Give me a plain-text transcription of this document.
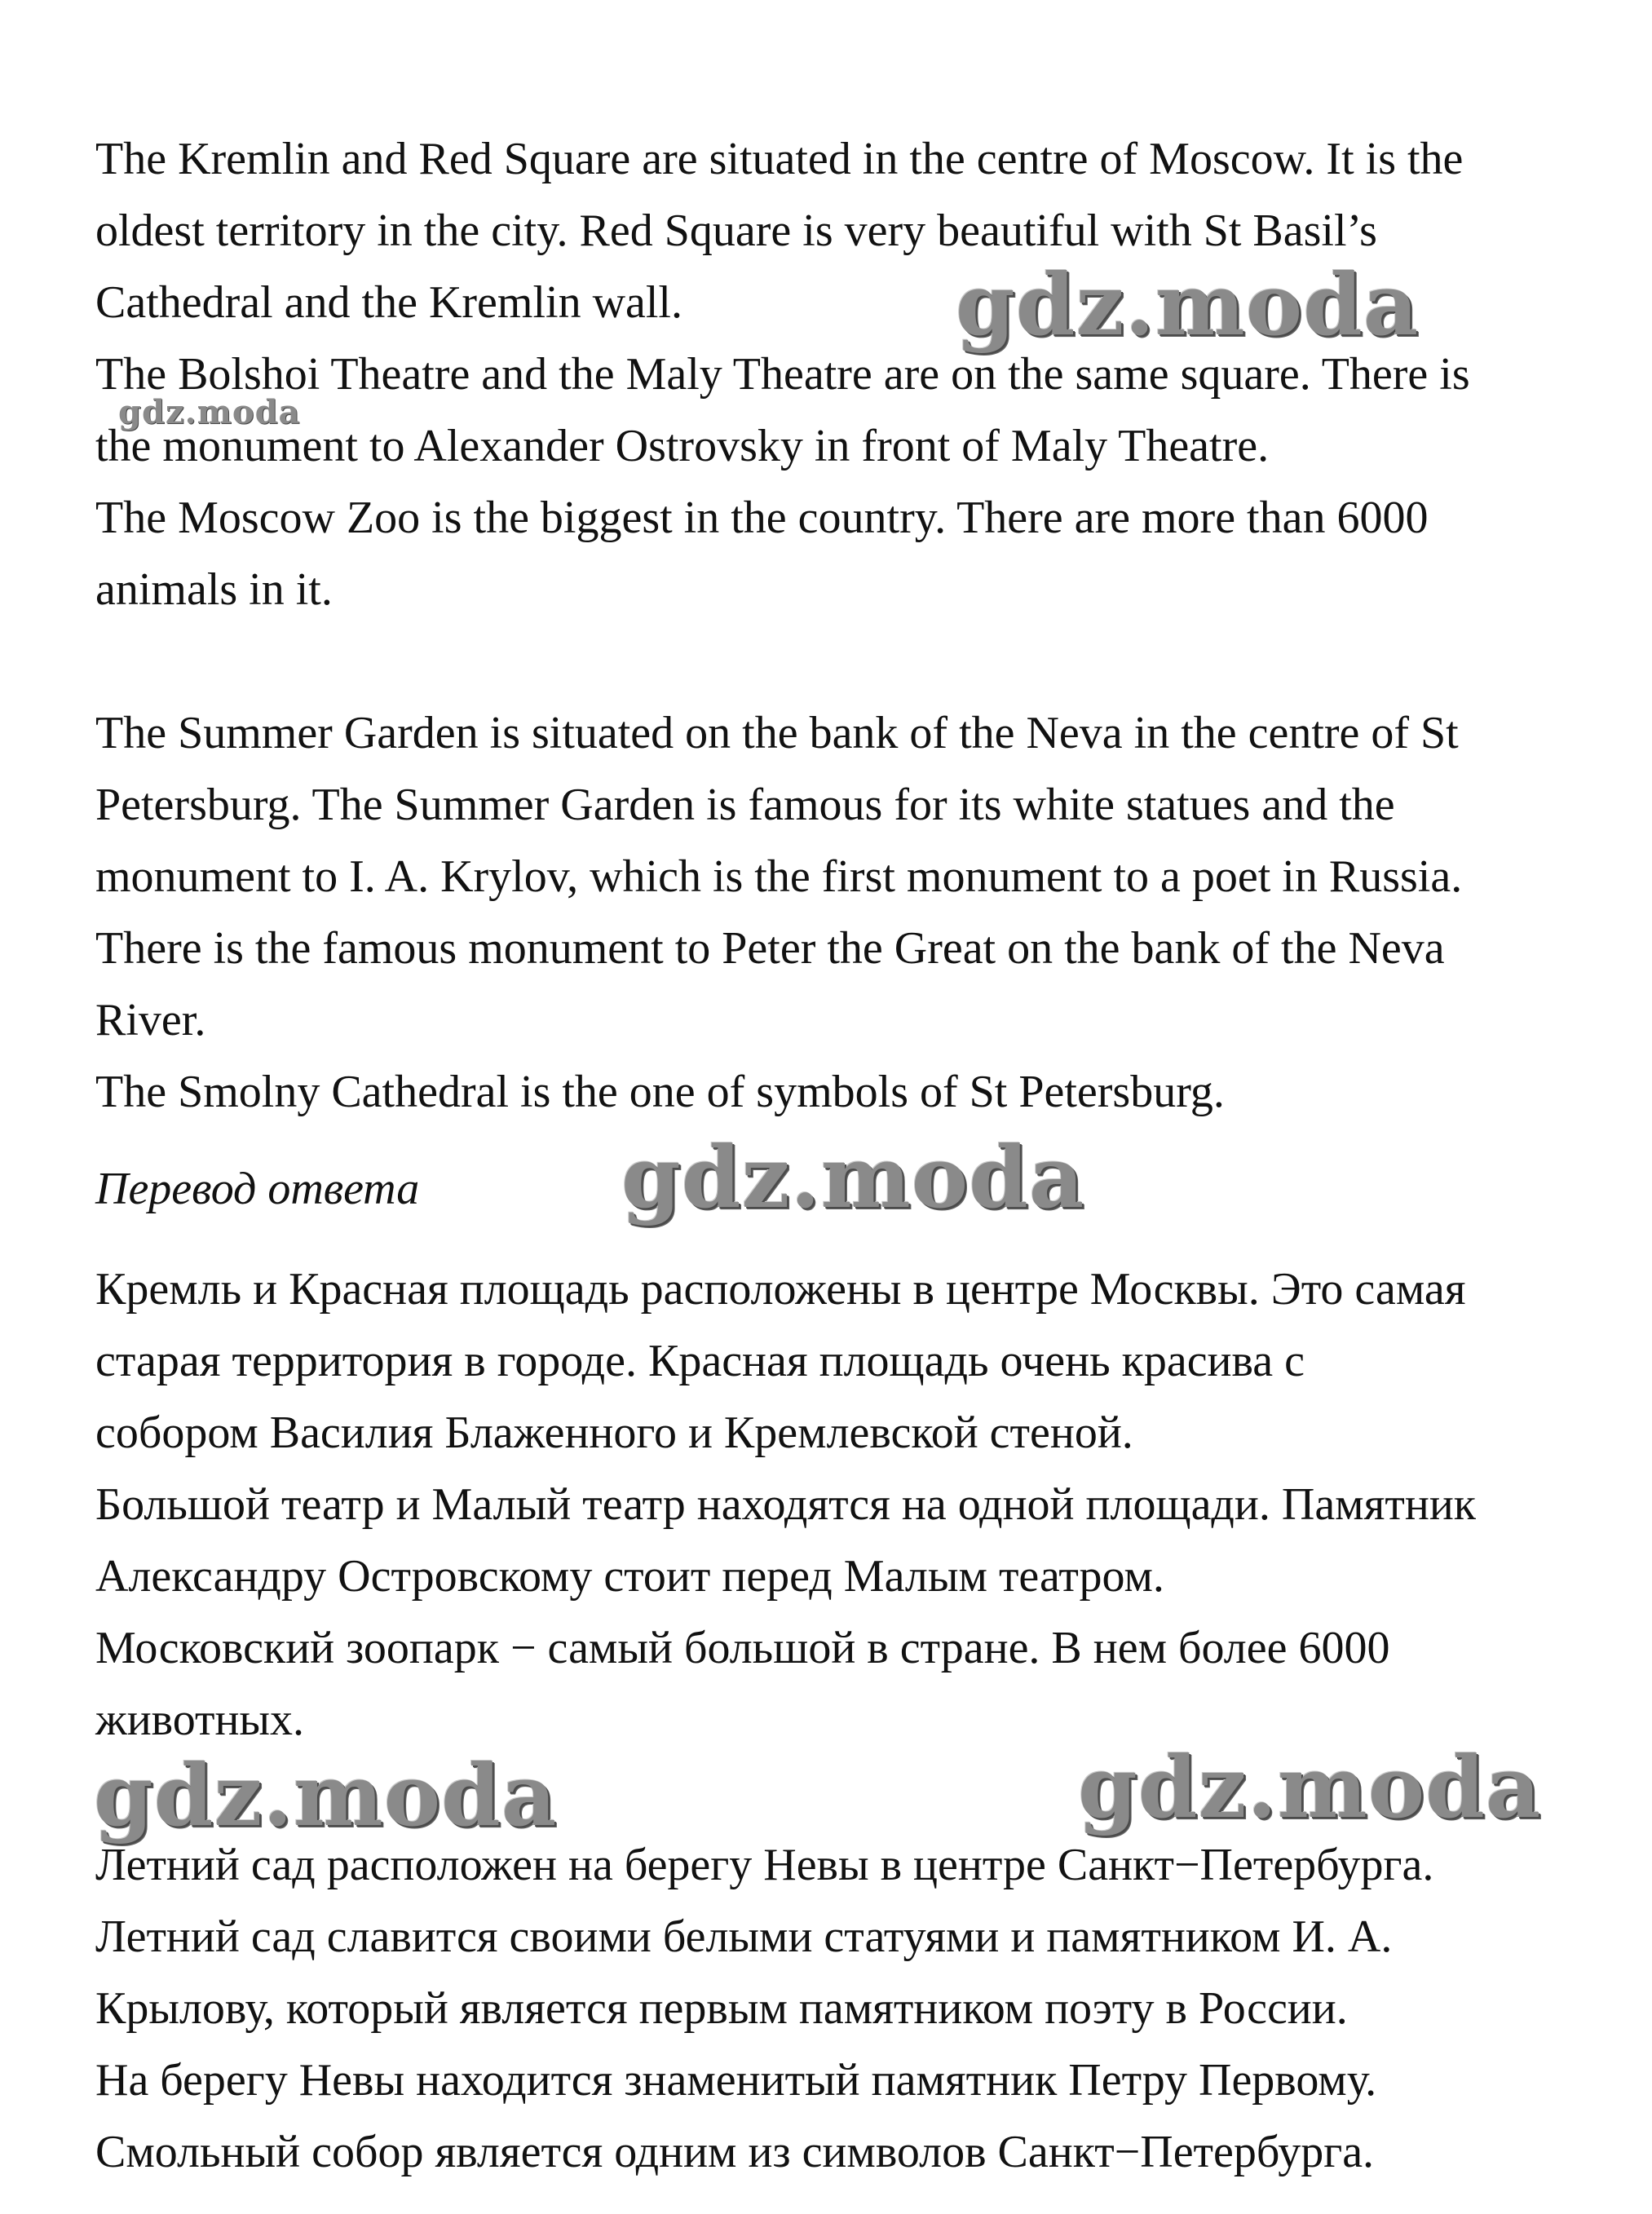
The Kremlin and Red Square are situated in the centre of Moscow. It is the
oldest territory in the city. Red Square is very beautiful with St Basil’s
Cathedral and the Kremlin wall.
The Bolshoi Theatre and the Maly Theatre are on the same square. There is
the monument to Alexander Ostrovsky in front of Maly Theatre.
The Moscow Zoo is the biggest in the country. There are more than 6000
animals in it.
The Summer Garden is situated on the bank of the Neva in the centre of St
Petersburg. The Summer Garden is famous for its white statues and the
monument to I. A. Krylov, which is the first monument to a poet in Russia.
There is the famous monument to Peter the Great on the bank of the Neva
River.
The Smolny Cathedral is the one of symbols of St Petersburg.
Перевод ответа
Кремль и Красная площадь расположены в центре Москвы. Это самая
старая территория в городе. Красная площадь очень красива с
собором Василия Блаженного и Кремлевской стеной.
Большой театр и Малый театр находятся на одной площади. Памятник
Александру Островскому стоит перед Малым театром.
Московский зоопарк − самый большой в стране. В нем более 6000
животных.
Летний сад расположен на берегу Невы в центре Санкт−Петербурга.
Летний сад славится своими белыми статуями и памятником И. А.
Крылову, который является первым памятником поэту в России.
На берегу Невы находится знаменитый памятник Петру Первому.
Смольный собор является одним из символов Санкт−Петербурга.
gdz.moda
gdz.moda
gdz.moda
gdz.moda	gdz.moda
